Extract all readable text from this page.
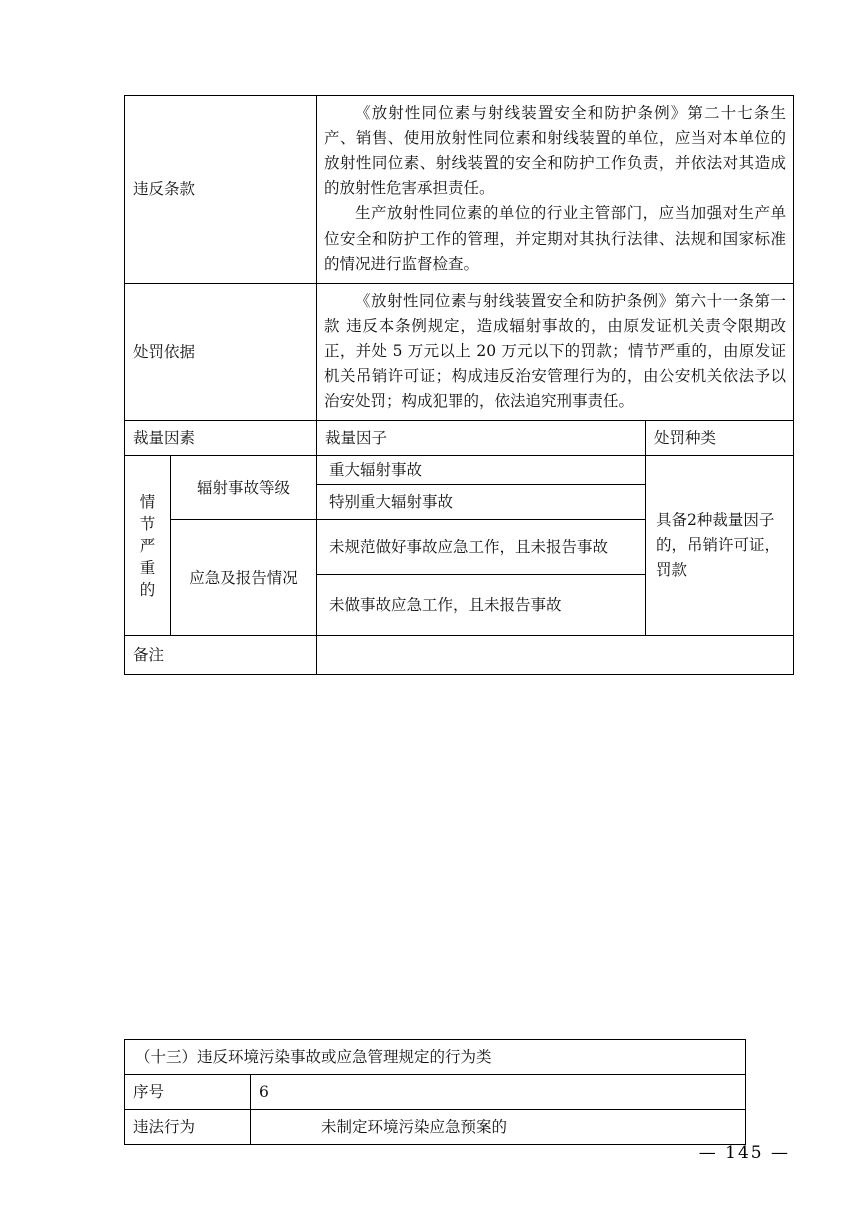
违反条款		《放射性同位素与射线装置安全和防护条例》第二十七条生产、销售、使用放射性同位素和射线装置的单位，应当对本单位的放射性同位素、射线装置的安全和防护工作负责，并依法对其造成的放射性危害承担责任。

生产放射性同位素的单位的行业主管部门，应当加强对生产单位安全和防护工作的管理，并定期对其执行法律、法规和国家标准的情况进行监督检查。	

处罚依据		《放射性同位素与射线装置安全和防护条例》第六十一条第一款 违反本条例规定，造成辐射事故的，由原发证机关责令限期改正，并处 5 万元以上 20 万元以下的罚款；情节严重的，由原发证机关吊销许可证；构成违反治安管理行为的，由公安机关依法予以治安处罚；构成犯罪的，依法追究刑事责任。	

裁量因素		裁量因子	处罚种类

情
节
严
重
的	辐射事故等级	重大辐射事故	具备2种裁量因子的，吊销许可证，罚款
		特别重大辐射事故	
	应急及报告情况	未规范做好事故应急工作，且未报告事故	
		未做事故应急工作，且未报告事故	
备注			
（十三）违反环境污染事故或应急管理规定的行为类	
序号	6
违法行为	未制定环境污染应急预案的
— 145 —
